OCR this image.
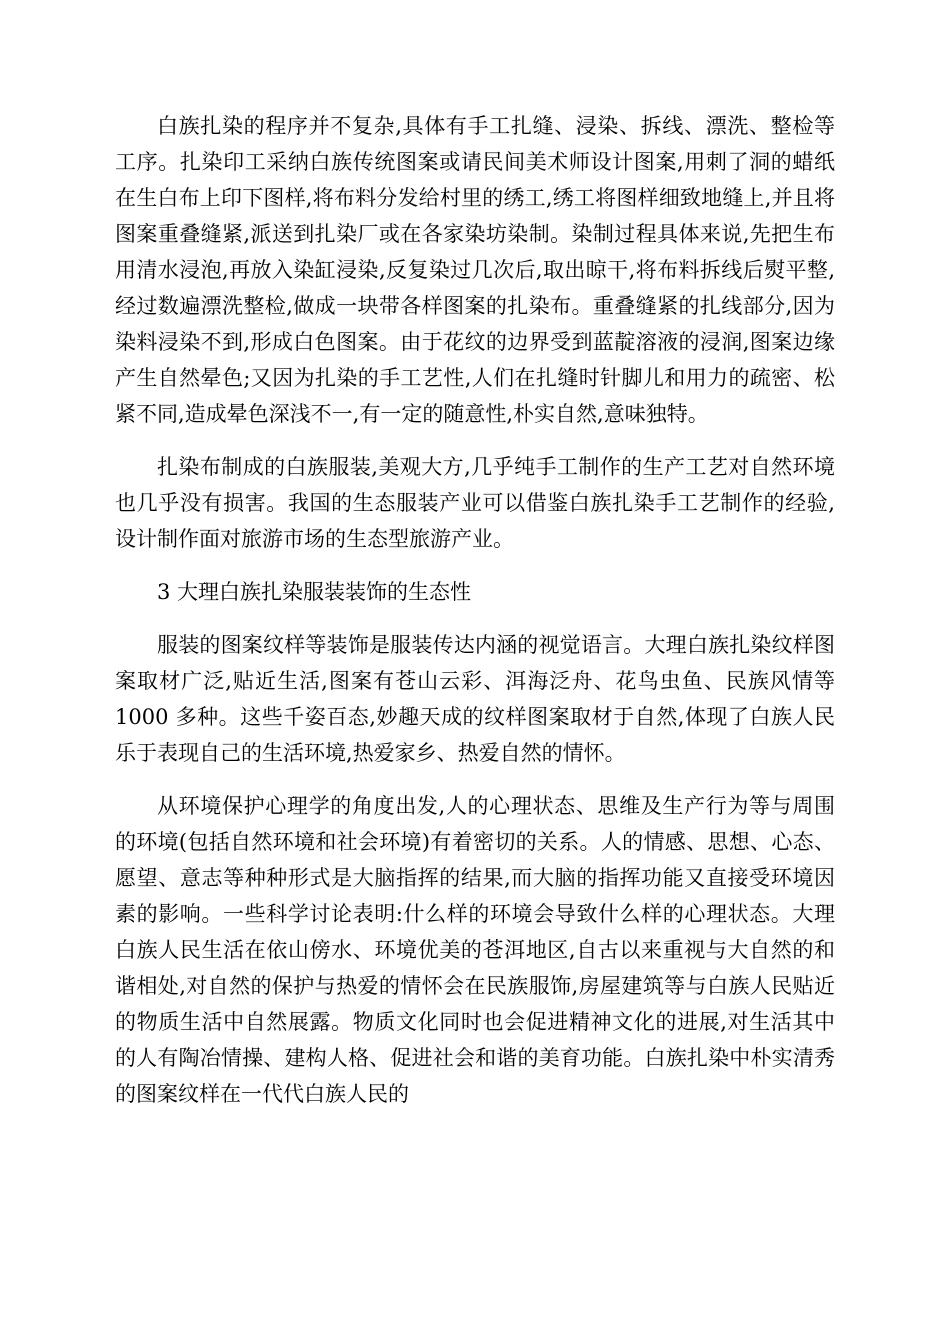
白族扎染的程序并不复杂,具体有手工扎缝、浸染、拆线、漂洗、整检等工序。扎染印工采纳白族传统图案或请民间美术师设计图案,用刺了洞的蜡纸在生白布上印下图样,将布料分发给村里的绣工,绣工将图样细致地缝上,并且将图案重叠缝紧,派送到扎染厂或在各家染坊染制。染制过程具体来说,先把生布用清水浸泡,再放入染缸浸染,反复染过几次后,取出晾干,将布料拆线后熨平整,经过数遍漂洗整检,做成一块带各样图案的扎染布。重叠缝紧的扎线部分,因为染料浸染不到,形成白色图案。由于花纹的边界受到蓝靛溶液的浸润,图案边缘产生自然晕色;又因为扎染的手工艺性,人们在扎缝时针脚儿和用力的疏密、松紧不同,造成晕色深浅不一,有一定的随意性,朴实自然,意味独特。

扎染布制成的白族服装,美观大方,几乎纯手工制作的生产工艺对自然环境也几乎没有损害。我国的生态服装产业可以借鉴白族扎染手工艺制作的经验,设计制作面对旅游市场的生态型旅游产业。

3 大理白族扎染服装装饰的生态性

服装的图案纹样等装饰是服装传达内涵的视觉语言。大理白族扎染纹样图案取材广泛,贴近生活,图案有苍山云彩、洱海泛舟、花鸟虫鱼、民族风情等 1000 多种。这些千姿百态,妙趣天成的纹样图案取材于自然,体现了白族人民乐于表现自己的生活环境,热爱家乡、热爱自然的情怀。

从环境保护心理学的角度出发,人的心理状态、思维及生产行为等与周围的环境(包括自然环境和社会环境)有着密切的关系。人的情感、思想、心态、愿望、意志等种种形式是大脑指挥的结果,而大脑的指挥功能又直接受环境因素的影响。一些科学讨论表明:什么样的环境会导致什么样的心理状态。大理白族人民生活在依山傍水、环境优美的苍洱地区,自古以来重视与大自然的和谐相处,对自然的保护与热爱的情怀会在民族服饰,房屋建筑等与白族人民贴近的物质生活中自然展露。物质文化同时也会促进精神文化的进展,对生活其中的人有陶冶情操、建构人格、促进社会和谐的美育功能。白族扎染中朴实清秀的图案纹样在一代代白族人民的
